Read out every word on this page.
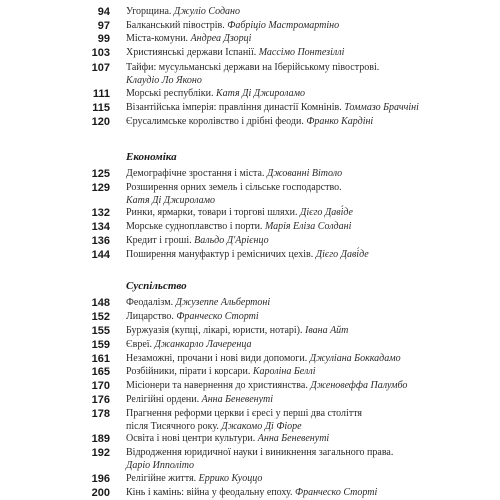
94 Угорщина. Джуліо Содано
97 Балканський півострів. Фабріціо Мастромартіно
99 Міста-комуни. Андреа Дзорці
103 Християнські держави Іспанії. Массімо Понтезіллі
107 Тайфи: мусульманські держави на Іберійському півострові.
Клаудіо Ло Яконо
111 Морські республіки. Катя Ді Джироламо
115 Візантійська імперія: правління династії Комнінів. Томмазо Браччіні
120 Єрусалимське королівство і дрібні феоди. Франко Кардіні
Економіка
125 Демографічне зростання і міста. Джованні Вітоло
129 Розширення орних земель і сільське господарство.
Катя Ді Джироламо
132 Ринки, ярмарки, товари і торгові шляхи. Дієго Даві́де
134 Морське судноплавство і порти. Марія Еліза Солдані
136 Кредит і гроші. Вальдо Д'Арієнцо
144 Поширення мануфактур і ремісничих цехів. Дієго Даві́де
Суспільство
148 Феодалізм. Джузеппе Альбертоні
152 Лицарство. Франческо Сторті
155 Буржуазія (купці, лікарі, юристи, нотарі). Івана Айт
159 Євреї. Джанкарло Лачеренца
161 Незаможні, прочани і нові види допомоги. Джуліана Боккадамо
165 Розбійники, пірати і корсари. Кароліна Беллі
170 Місіонери та навернення до християнства. Дженовеффа Палумбо
176 Релігійні ордени. Анна Беневенуті
178 Прагнення реформи церкви і єресі у перші два століття
після Тисячного року. Джакомо Ді Фіоре
189 Освіта і нові центри культури. Анна Беневенуті
192 Відродження юридичної науки і виникнення загального права.
Даріо Ипполіто
196 Релігійне життя. Еррико Куоццо
200 Кінь і камінь: війна у феодальну епоху. Франческо Сторті
